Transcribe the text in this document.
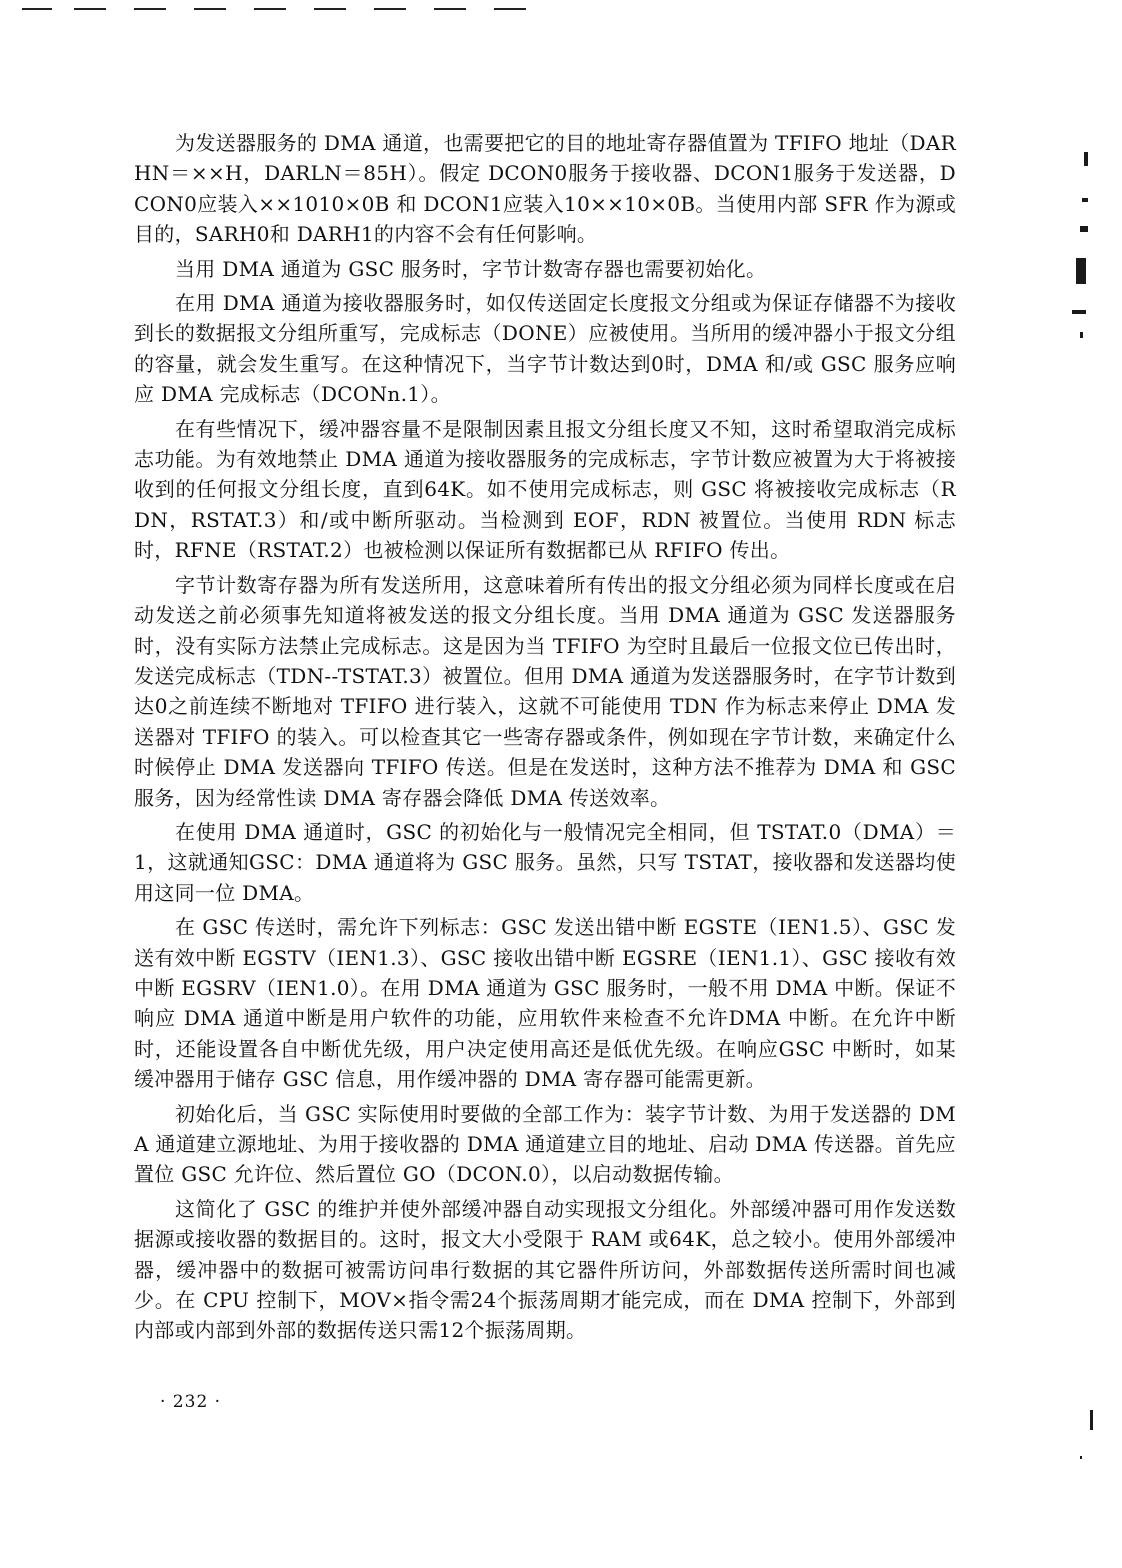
为发送器服务的 DMA 通道，也需要把它的目的地址寄存器值置为 TFIFO 地址（DARHN＝××H，DARLN＝85H）。假定 DCON0服务于接收器、DCON1服务于发送器，DCON0应装入××1010×0B 和 DCON1应装入10××10×0B。当使用内部 SFR 作为源或目的，SARH0和 DARH1的内容不会有任何影响。

当用 DMA 通道为 GSC 服务时，字节计数寄存器也需要初始化。

在用 DMA 通道为接收器服务时，如仅传送固定长度报文分组或为保证存储器不为接收到长的数据报文分组所重写，完成标志（DONE）应被使用。当所用的缓冲器小于报文分组的容量，就会发生重写。在这种情况下，当字节计数达到0时，DMA 和/或 GSC 服务应响应 DMA 完成标志（DCONn.1）。

在有些情况下，缓冲器容量不是限制因素且报文分组长度又不知，这时希望取消完成标志功能。为有效地禁止 DMA 通道为接收器服务的完成标志，字节计数应被置为大于将被接收到的任何报文分组长度，直到64K。如不使用完成标志，则 GSC 将被接收完成标志（RDN，RSTAT.3）和/或中断所驱动。当检测到 EOF，RDN 被置位。当使用 RDN 标志时，RFNE（RSTAT.2）也被检测以保证所有数据都已从 RFIFO 传出。

字节计数寄存器为所有发送所用，这意味着所有传出的报文分组必须为同样长度或在启动发送之前必须事先知道将被发送的报文分组长度。当用 DMA 通道为 GSC 发送器服务时，没有实际方法禁止完成标志。这是因为当 TFIFO 为空时且最后一位报文位已传出时，发送完成标志（TDN--TSTAT.3）被置位。但用 DMA 通道为发送器服务时，在字节计数到达0之前连续不断地对 TFIFO 进行装入，这就不可能使用 TDN 作为标志来停止 DMA 发送器对 TFIFO 的装入。可以检查其它一些寄存器或条件，例如现在字节计数，来确定什么时候停止 DMA 发送器向 TFIFO 传送。但是在发送时，这种方法不推荐为 DMA 和 GSC 服务，因为经常性读 DMA 寄存器会降低 DMA 传送效率。

在使用 DMA 通道时，GSC 的初始化与一般情况完全相同，但 TSTAT.0（DMA）＝1，这就通知GSC：DMA 通道将为 GSC 服务。虽然，只写 TSTAT，接收器和发送器均使用这同一位 DMA。

在 GSC 传送时，需允许下列标志：GSC 发送出错中断 EGSTE（IEN1.5）、GSC 发送有效中断 EGSTV（IEN1.3）、GSC 接收出错中断 EGSRE（IEN1.1）、GSC 接收有效中断 EGSRV（IEN1.0）。在用 DMA 通道为 GSC 服务时，一般不用 DMA 中断。保证不响应 DMA 通道中断是用户软件的功能，应用软件来检查不允许DMA 中断。在允许中断时，还能设置各自中断优先级，用户决定使用高还是低优先级。在响应GSC 中断时，如某缓冲器用于储存 GSC 信息，用作缓冲器的 DMA 寄存器可能需更新。

初始化后，当 GSC 实际使用时要做的全部工作为：装字节计数、为用于发送器的 DMA 通道建立源地址、为用于接收器的 DMA 通道建立目的地址、启动 DMA 传送器。首先应置位 GSC 允许位、然后置位 GO（DCON.0），以启动数据传输。

这简化了 GSC 的维护并使外部缓冲器自动实现报文分组化。外部缓冲器可用作发送数据源或接收器的数据目的。这时，报文大小受限于 RAM 或64K，总之较小。使用外部缓冲器，缓冲器中的数据可被需访问串行数据的其它器件所访问，外部数据传送所需时间也减少。在 CPU 控制下，MOV×指令需24个振荡周期才能完成，而在 DMA 控制下，外部到内部或内部到外部的数据传送只需12个振荡周期。

· 232 ·
